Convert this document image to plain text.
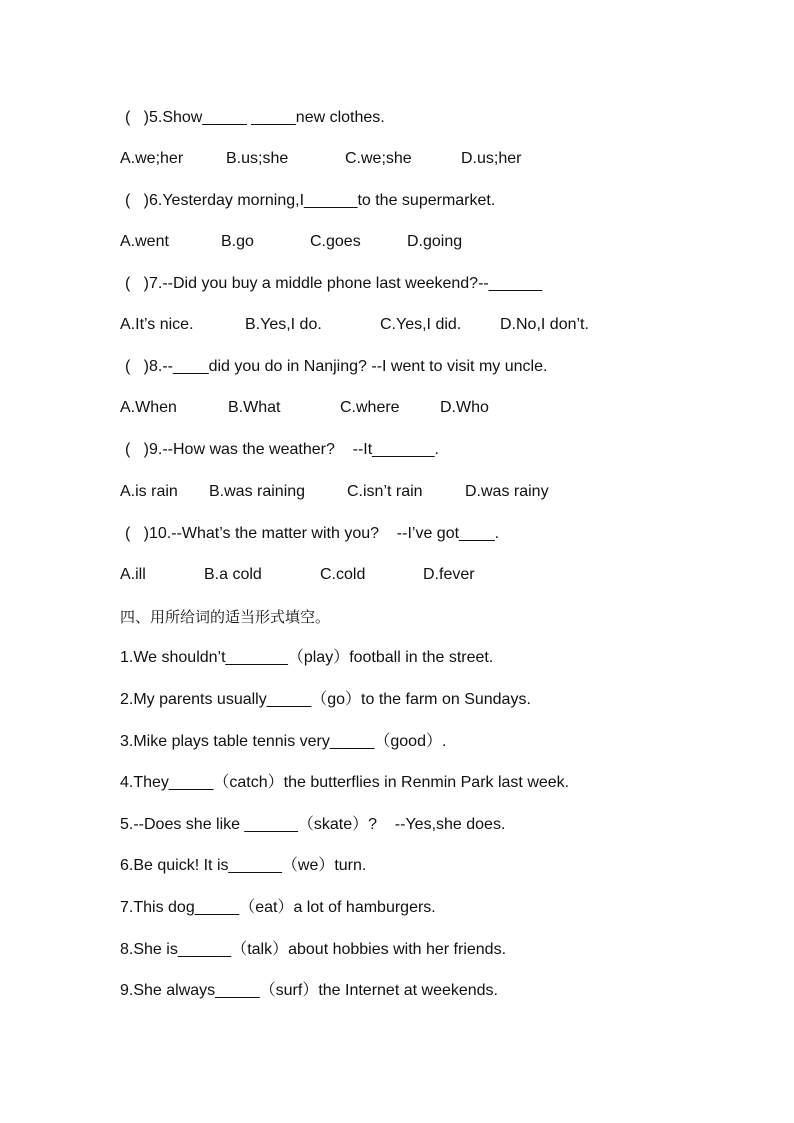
(   )5.Show_____ _____new clothes.

A.we;her

	B.us;she

	C.we;she

	D.us;her

(   )6.Yesterday morning,I______to the supermarket.

A.went

	B.go

	C.goes

	D.going

(   )7.--Did you buy a middle phone last weekend?--______

A.It’s nice.

	B.Yes,I do.

	C.Yes,I did.

D.No,I don’t.

(   )8.--____did you do in Nanjing? --I went to visit my uncle.

A.When

	B.What

	C.where

	D.Who

(   )9.--How was the weather?    --It_______.

A.is rain

B.was raining

	C.isn’t rain

	D.was rainy

(   )10.--What’s the matter with you?    --I’ve got____.

A.ill

	B.a cold

	C.cold

	D.fever

四、用所给词的适当形式填空。
1.We shouldn’t_______（play）football in the street.
2.My parents usually_____（go）to the farm on Sundays.
3.Mike plays table tennis very_____（good）.
4.They_____（catch）the butterflies in Renmin Park last week.
5.--Does she like ______（skate）?    --Yes,she does.
6.Be quick! It is______（we）turn.
7.This dog_____（eat）a lot of hamburgers.
8.She is______（talk）about hobbies with her friends.
9.She always_____（surf）the Internet at weekends.
